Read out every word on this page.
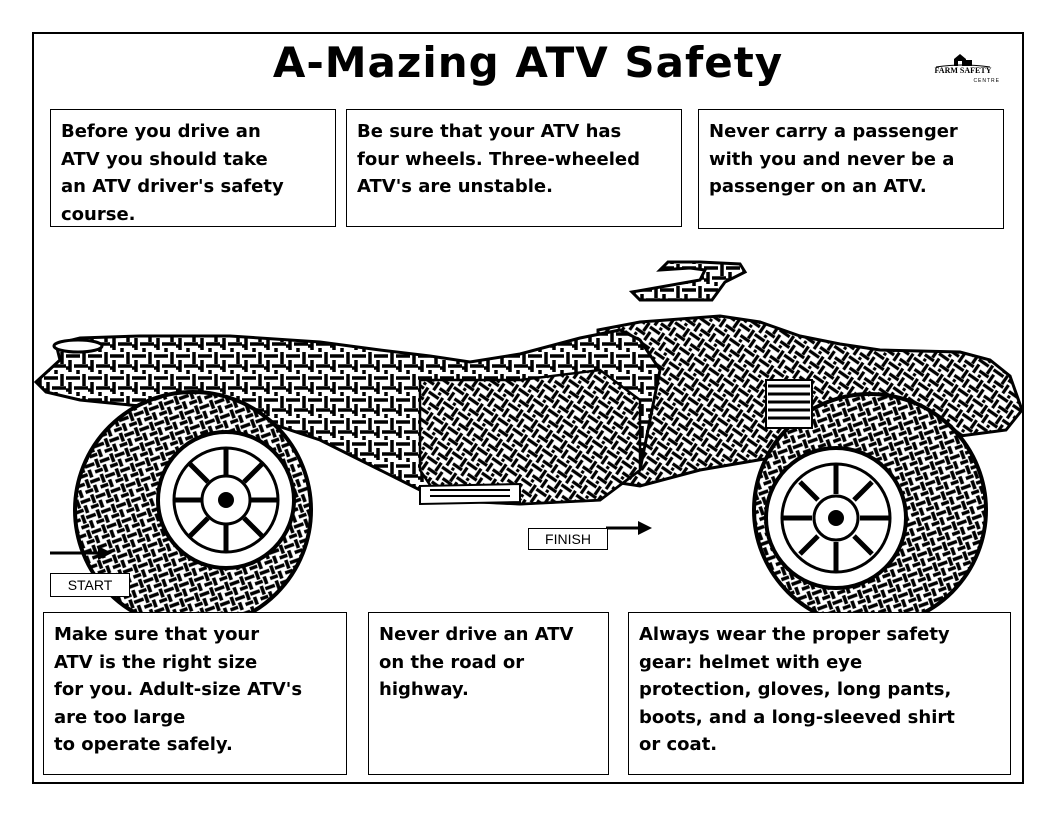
A-Mazing ATV Safety	FARM SAFETY
CENTRE
Before you drive an
ATV you should take
an ATV driver's safety
course.
Be sure that your ATV has
four wheels. Three-wheeled
ATV's are unstable.
Never carry a passenger
with you and never be a
passenger on an ATV.
FINISH
START
Make sure that your
ATV is the right size
for you. Adult-size ATV's
are too large
to operate safely.
Never drive an ATV
on the road or
highway.
Always wear the proper safety
gear: helmet with eye
protection, gloves, long pants,
boots, and a long-sleeved shirt
or coat.
